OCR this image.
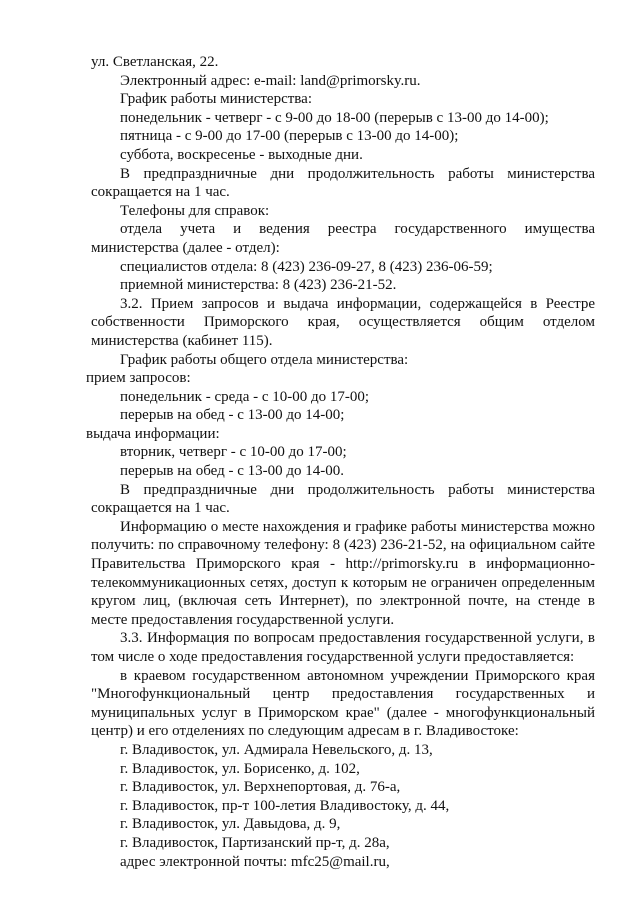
ул. Светланская, 22.

Электронный адрес: e-mail: land@primorsky.ru.

График работы министерства:

понедельник - четверг - с 9-00 до 18-00 (перерыв с 13-00 до 14-00);

пятница - с 9-00 до 17-00 (перерыв с 13-00 до 14-00);

суббота, воскресенье - выходные дни.

В предпраздничные дни продолжительность работы министерства сокращается на 1 час.

Телефоны для справок:

отдела учета и ведения реестра государственного имущества министерства (далее - отдел):

специалистов отдела: 8 (423) 236-09-27, 8 (423) 236-06-59;

приемной министерства: 8 (423) 236-21-52.

3.2. Прием запросов и выдача информации, содержащейся в Реестре собственности Приморского края, осуществляется общим отделом министерства (кабинет 115).

График работы общего отдела министерства:

прием запросов:

понедельник - среда - с 10-00 до 17-00;

перерыв на обед - с 13-00 до 14-00;

выдача информации:

вторник, четверг - с 10-00 до 17-00;

перерыв на обед - с 13-00 до 14-00.

В предпраздничные дни продолжительность работы министерства сокращается на 1 час.

Информацию о месте нахождения и графике работы министерства можно получить: по справочному телефону: 8 (423) 236-21-52, на официальном сайте Правительства Приморского края - http://primorsky.ru в информационно-телекоммуникационных сетях, доступ к которым не ограничен определенным кругом лиц, (включая сеть Интернет), по электронной почте, на стенде в месте предоставления государственной услуги.

3.3. Информация по вопросам предоставления государственной услуги, в том числе о ходе предоставления государственной услуги предоставляется:

в краевом государственном автономном учреждении Приморского края "Многофункциональный центр предоставления государственных и муниципальных услуг в Приморском крае" (далее - многофункциональный центр) и его отделениях по следующим адресам в г. Владивостоке:

г. Владивосток, ул. Адмирала Невельского, д. 13,

г. Владивосток, ул. Борисенко, д. 102,

г. Владивосток, ул. Верхнепортовая, д. 76-а,

г. Владивосток, пр-т 100-летия Владивостоку, д. 44,

г. Владивосток, ул. Давыдова, д. 9,

г. Владивосток, Партизанский пр-т, д. 28а,

адрес электронной почты: mfc25@mail.ru,
